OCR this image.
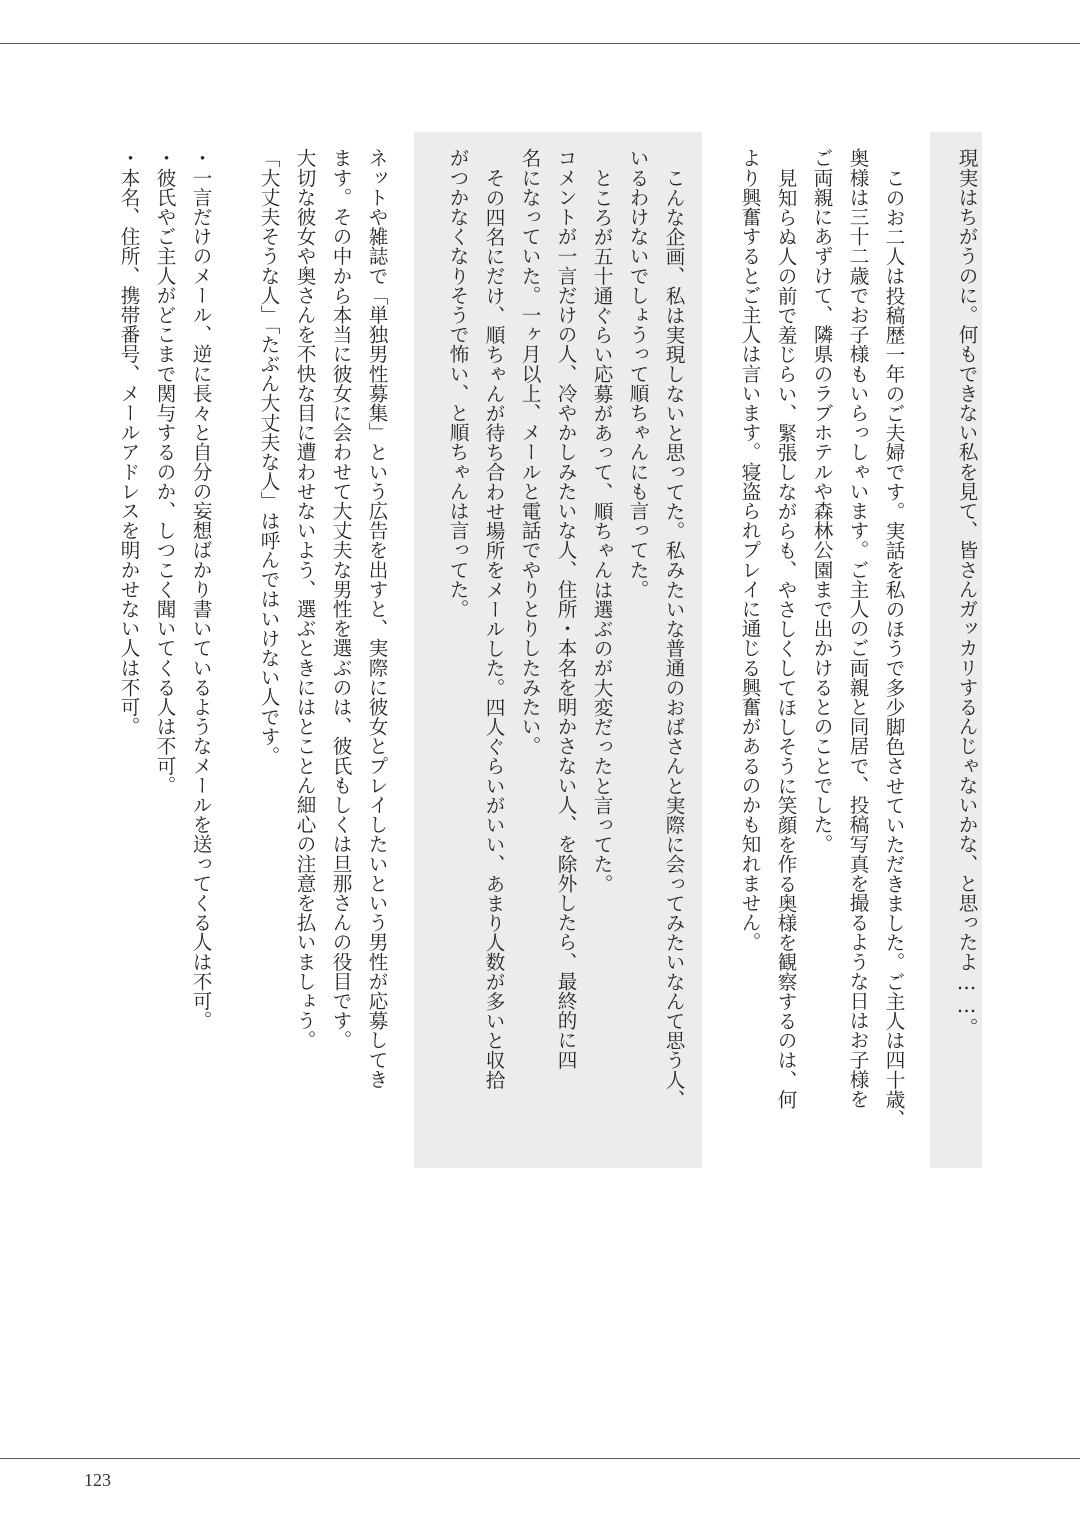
現実はちがうのに。何もできない私を見て、皆さんガッカリするんじゃないかな、と思ったよ……。

このお二人は投稿歴一年のご夫婦です。実話を私のほうで多少脚色させていただきました。ご主人は四十歳、

奥様は三十二歳でお子様もいらっしゃいます。ご主人のご両親と同居で、投稿写真を撮るような日はお子様を

ご両親にあずけて、隣県のラブホテルや森林公園まで出かけるとのことでした。

見知らぬ人の前で羞じらい、緊張しながらも、やさしくしてほしそうに笑顔を作る奥様を観察するのは、何

より興奮するとご主人は言います。寝盗られプレイに通じる興奮があるのかも知れません。

こんな企画、私は実現しないと思ってた。私みたいな普通のおばさんと実際に会ってみたいなんて思う人、

いるわけないでしょうって順ちゃんにも言ってた。

ところが五十通ぐらい応募があって、順ちゃんは選ぶのが大変だったと言ってた。

コメントが一言だけの人、冷やかしみたいな人、住所・本名を明かさない人、を除外したら、最終的に四

名になっていた。一ヶ月以上、メールと電話でやりとりしたみたい。

その四名にだけ、順ちゃんが待ち合わせ場所をメールした。四人ぐらいがいい、あまり人数が多いと収拾

がつかなくなりそうで怖い、と順ちゃんは言ってた。

ネットや雑誌で「単独男性募集」という広告を出すと、実際に彼女とプレイしたいという男性が応募してき

ます。その中から本当に彼女に会わせて大丈夫な男性を選ぶのは、彼氏もしくは旦那さんの役目です。

大切な彼女や奥さんを不快な目に遭わせないよう、選ぶときにはとことん細心の注意を払いましょう。

「大丈夫そうな人」「たぶん大丈夫な人」は呼んではいけない人です。

・一言だけのメール、逆に長々と自分の妄想ばかり書いているようなメールを送ってくる人は不可。

・彼氏やご主人がどこまで関与するのか、しつこく聞いてくる人は不可。

・本名、住所、携帯番号、メールアドレスを明かせない人は不可。

123
